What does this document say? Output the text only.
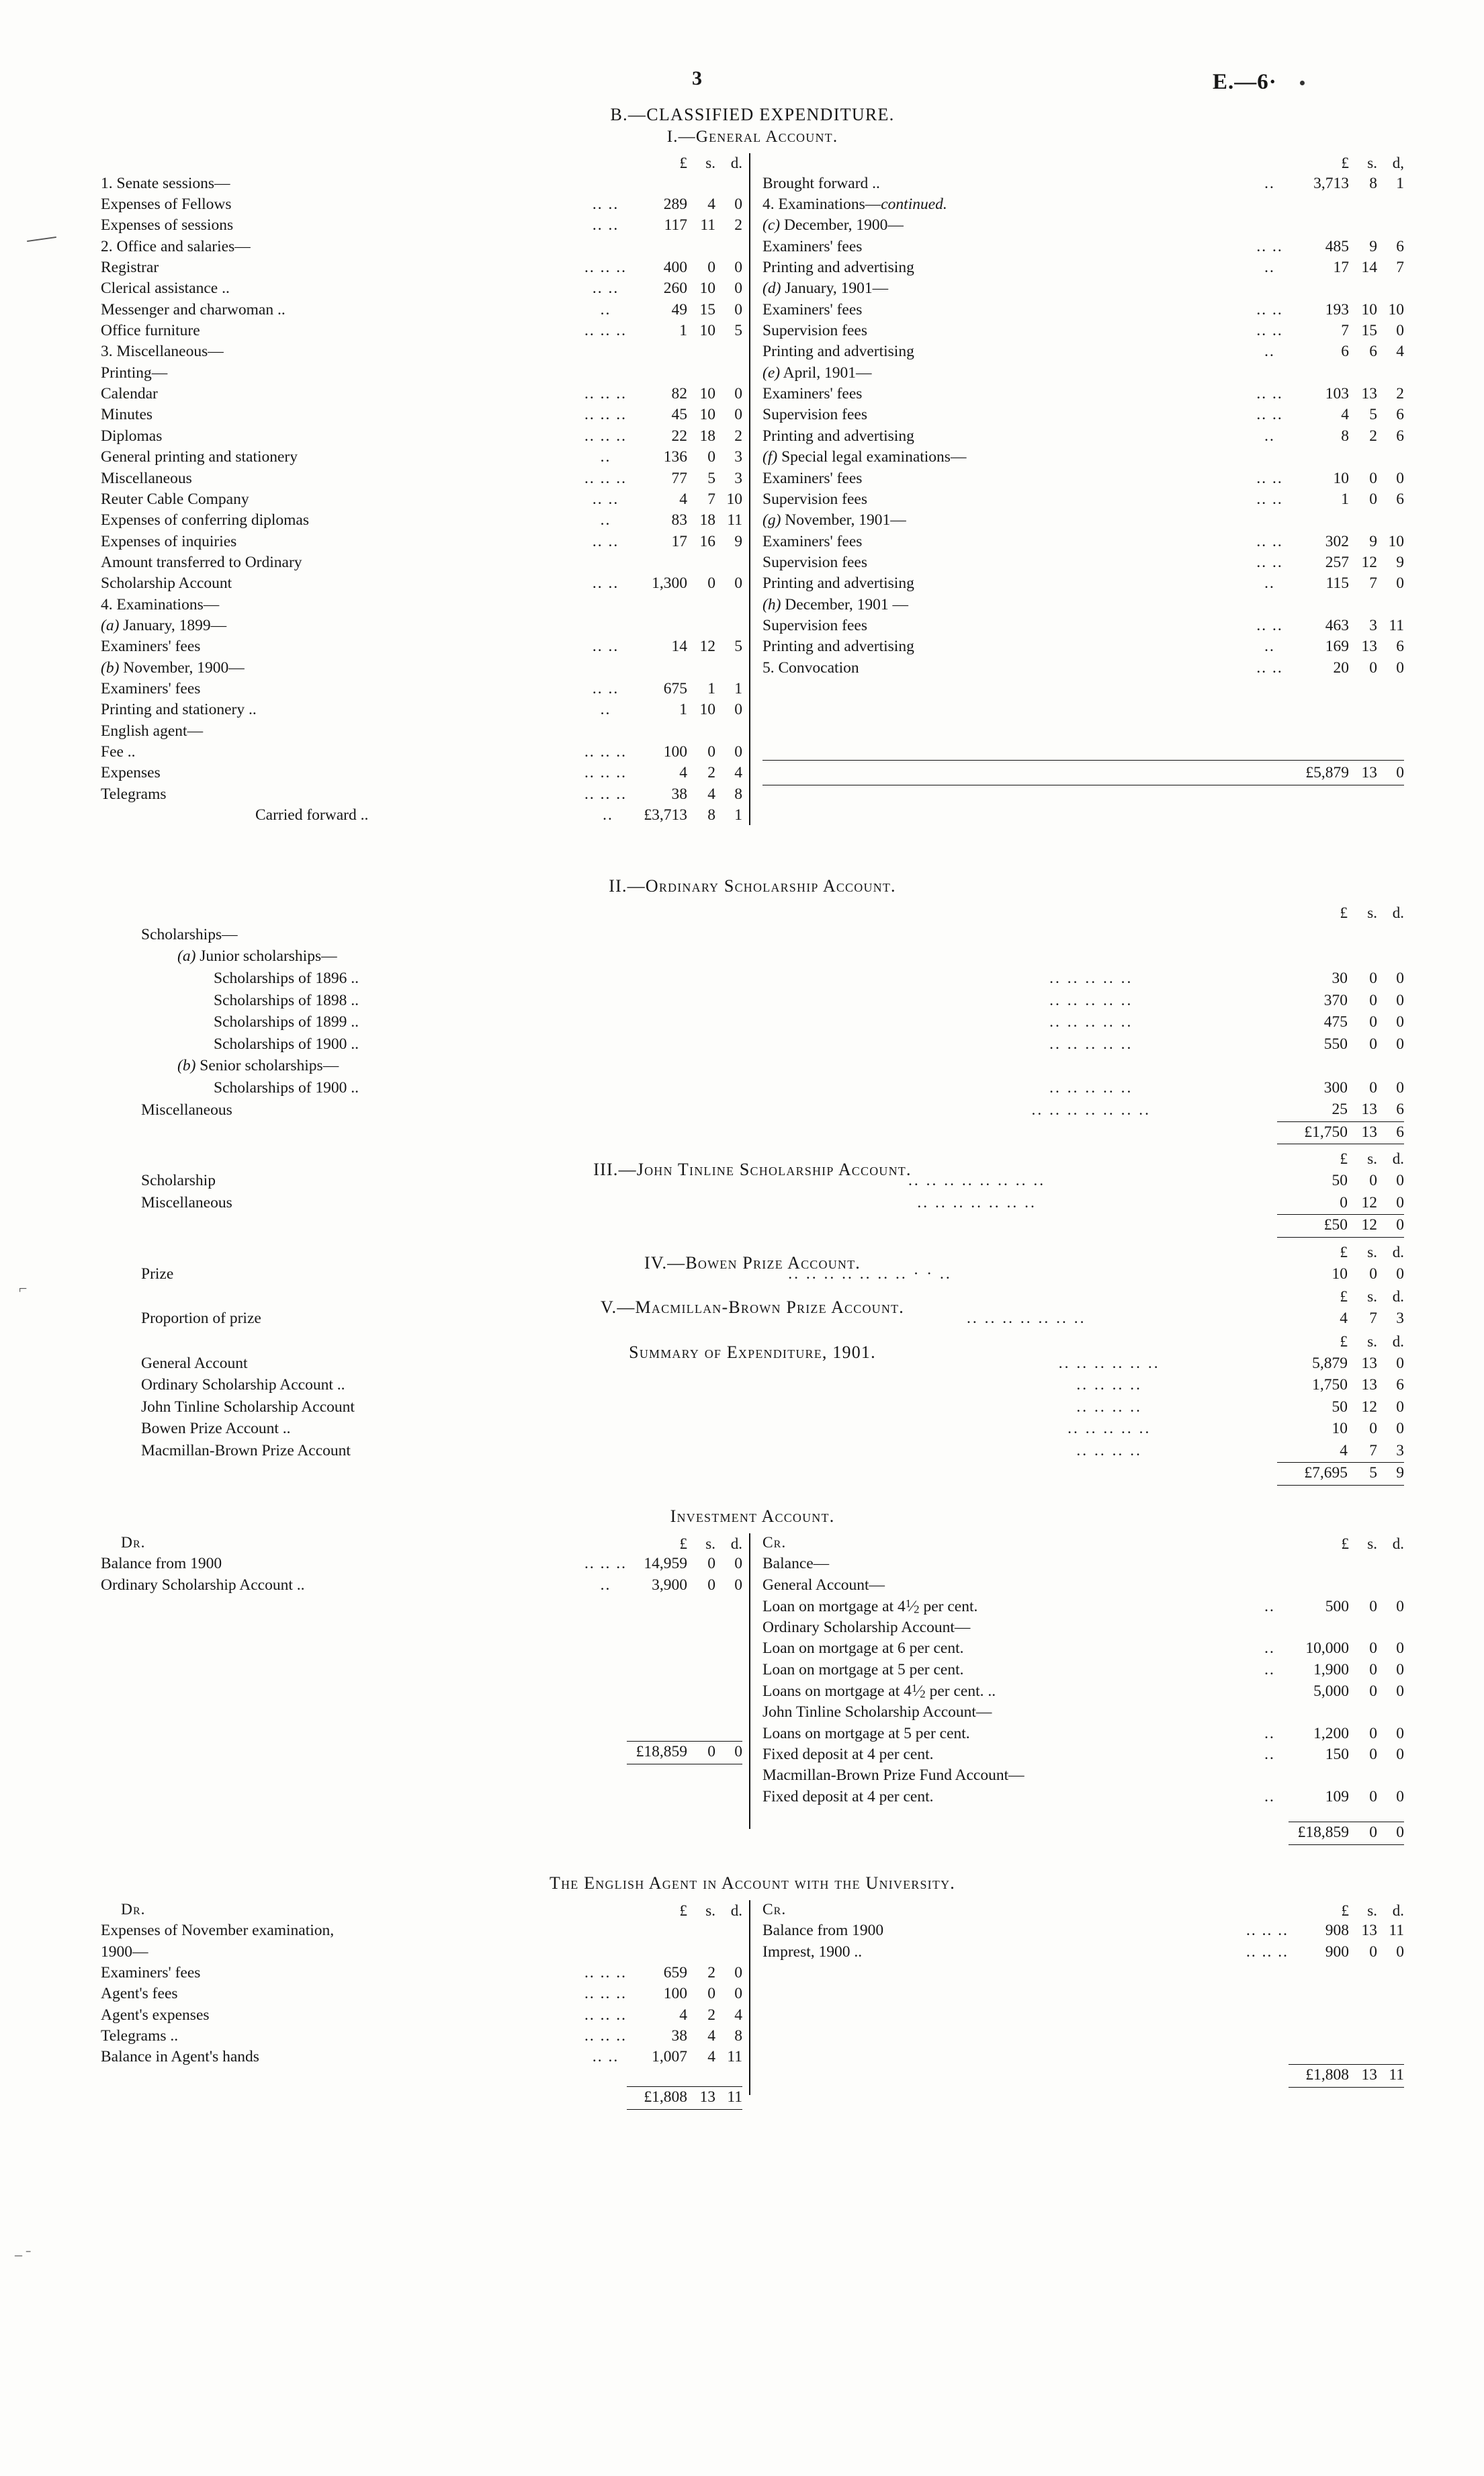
⌐
_ ˗
3	E.—6·
B.—CLASSIFIED EXPENDITURE.
I.—General Account.
		£	s.	d.
1. Senate sessions—				
Expenses of Fellows	.. ..	289	4	0
Expenses of sessions	.. ..	117	11	2
2. Office and salaries—				
Registrar	.. .. ..	400	0	0
Clerical assistance ..	.. ..	260	10	0
Messenger and charwoman ..	..	49	15	0
Office furniture	.. .. ..	1	10	5
3. Miscellaneous—				
Printing—				
Calendar	.. .. ..	82	10	0
Minutes	.. .. ..	45	10	0
Diplomas	.. .. ..	22	18	2
General printing and stationery	..	136	0	3
Miscellaneous	.. .. ..	77	5	3
Reuter Cable Company	.. ..	4	7	10
Expenses of conferring diplomas	..	83	18	11
Expenses of inquiries	.. ..	17	16	9
Amount transferred to Ordinary				
Scholarship Account	.. ..	1,300	0	0
4. Examinations—				
(a) January, 1899—				
Examiners' fees	.. ..	14	12	5
(b) November, 1900—				
Examiners' fees	.. ..	675	1	1
Printing and stationery ..	..	1	10	0
English agent—				
Fee ..	.. .. ..	100	0	0
Expenses	.. .. ..	4	2	4
Telegrams	.. .. ..	38	4	8
Carried forward ..	..	£3,713	8	1
		£	s.	d,
Brought forward ..	..	3,713	8	1
4. Examinations—continued.				
(c) December, 1900—				
Examiners' fees	.. ..	485	9	6
Printing and advertising	..	17	14	7
(d) January, 1901—				
Examiners' fees	.. ..	193	10	10
Supervision fees	.. ..	7	15	0
Printing and advertising	..	6	6	4
(e) April, 1901—				
Examiners' fees	.. ..	103	13	2
Supervision fees	.. ..	4	5	6
Printing and advertising	..	8	2	6
(f) Special legal examinations—				
Examiners' fees	.. ..	10	0	0
Supervision fees	.. ..	1	0	6
(g) November, 1901—				
Examiners' fees	.. ..	302	9	10
Supervision fees	.. ..	257	12	9
Printing and advertising	..	115	7	0
(h) December, 1901 —				
Supervision fees	.. ..	463	3	11
Printing and advertising	..	169	13	6
5. Convocation	.. ..	20	0	0

		£5,879	13	0

II.—Ordinary Scholarship Account.
		£	s.	d.
Scholarships—				
(a) Junior scholarships—				
Scholarships of 1896 ..	.. .. .. .. ..	30	0	0
Scholarships of 1898 ..	.. .. .. .. ..	370	0	0
Scholarships of 1899 ..	.. .. .. .. ..	475	0	0
Scholarships of 1900 ..	.. .. .. .. ..	550	0	0
(b) Senior scholarships—				
Scholarships of 1900 ..	.. .. .. .. ..	300	0	0
Miscellaneous	.. .. .. .. .. .. ..	25	13	6
		£1,750	13	6

III.—John Tinline Scholarship Account.
		£	s.	d.
Scholarship	.. .. .. .. .. .. .. ..	50	0	0
Miscellaneous	.. .. .. .. .. .. ..	0	12	0
		£50	12	0

IV.—Bowen Prize Account.
		£	s.	d.
Prize	.. .. .. .. .. .. .. · · ..	10	0	0
V.—Macmillan-Brown Prize Account.
		£	s.	d.
Proportion of prize	.. .. .. .. .. .. ..	4	7	3
Summary of Expenditure, 1901.
		£	s.	d.
General Account	.. .. .. .. .. ..	5,879	13	0
Ordinary Scholarship Account ..	.. .. .. ..	1,750	13	6
John Tinline Scholarship Account	.. .. .. ..	50	12	0
Bowen Prize Account ..	.. .. .. .. ..	10	0	0
Macmillan-Brown Prize Account	.. .. .. ..	4	7	3
		£7,695	5	9

Investment Account.
Dr.		£	s.	d.
Balance from 1900	.. .. ..	14,959	0	0
Ordinary Scholarship Account ..	..	3,900	0	0

		£18,859	0	0

Cr.		£	s.	d.
Balance—				
General Account—				
Loan on mortgage at $4^1⁄2$ per cent.	..	500	0	0
Ordinary Scholarship Account—				
Loan on mortgage at 6 per cent.	..	10,000	0	0
Loan on mortgage at 5 per cent.	..	1,900	0	0
Loans on mortgage at $4^1⁄2$ per cent. ..		5,000	0	0
John Tinline Scholarship Account—				
Loans on mortgage at 5 per cent.	..	1,200	0	0
Fixed deposit at 4 per cent.	..	150	0	0
Macmillan-Brown Prize Fund Account—				
Fixed deposit at 4 per cent.	..	109	0	0

		£18,859	0	0

The English Agent in Account with the University.
Dr.		£	s.	d.
Expenses of November examination,				
1900—				
Examiners' fees	.. .. ..	659	2	0
Agent's fees	.. .. ..	100	0	0
Agent's expenses	.. .. ..	4	2	4
Telegrams ..	.. .. ..	38	4	8
Balance in Agent's hands	.. ..	1,007	4	11

		£1,808	13	11

Cr.		£	s.	d.
Balance from 1900	.. .. ..	908	13	11
Imprest, 1900 ..	.. .. ..	900	0	0

		£1,808	13	11
